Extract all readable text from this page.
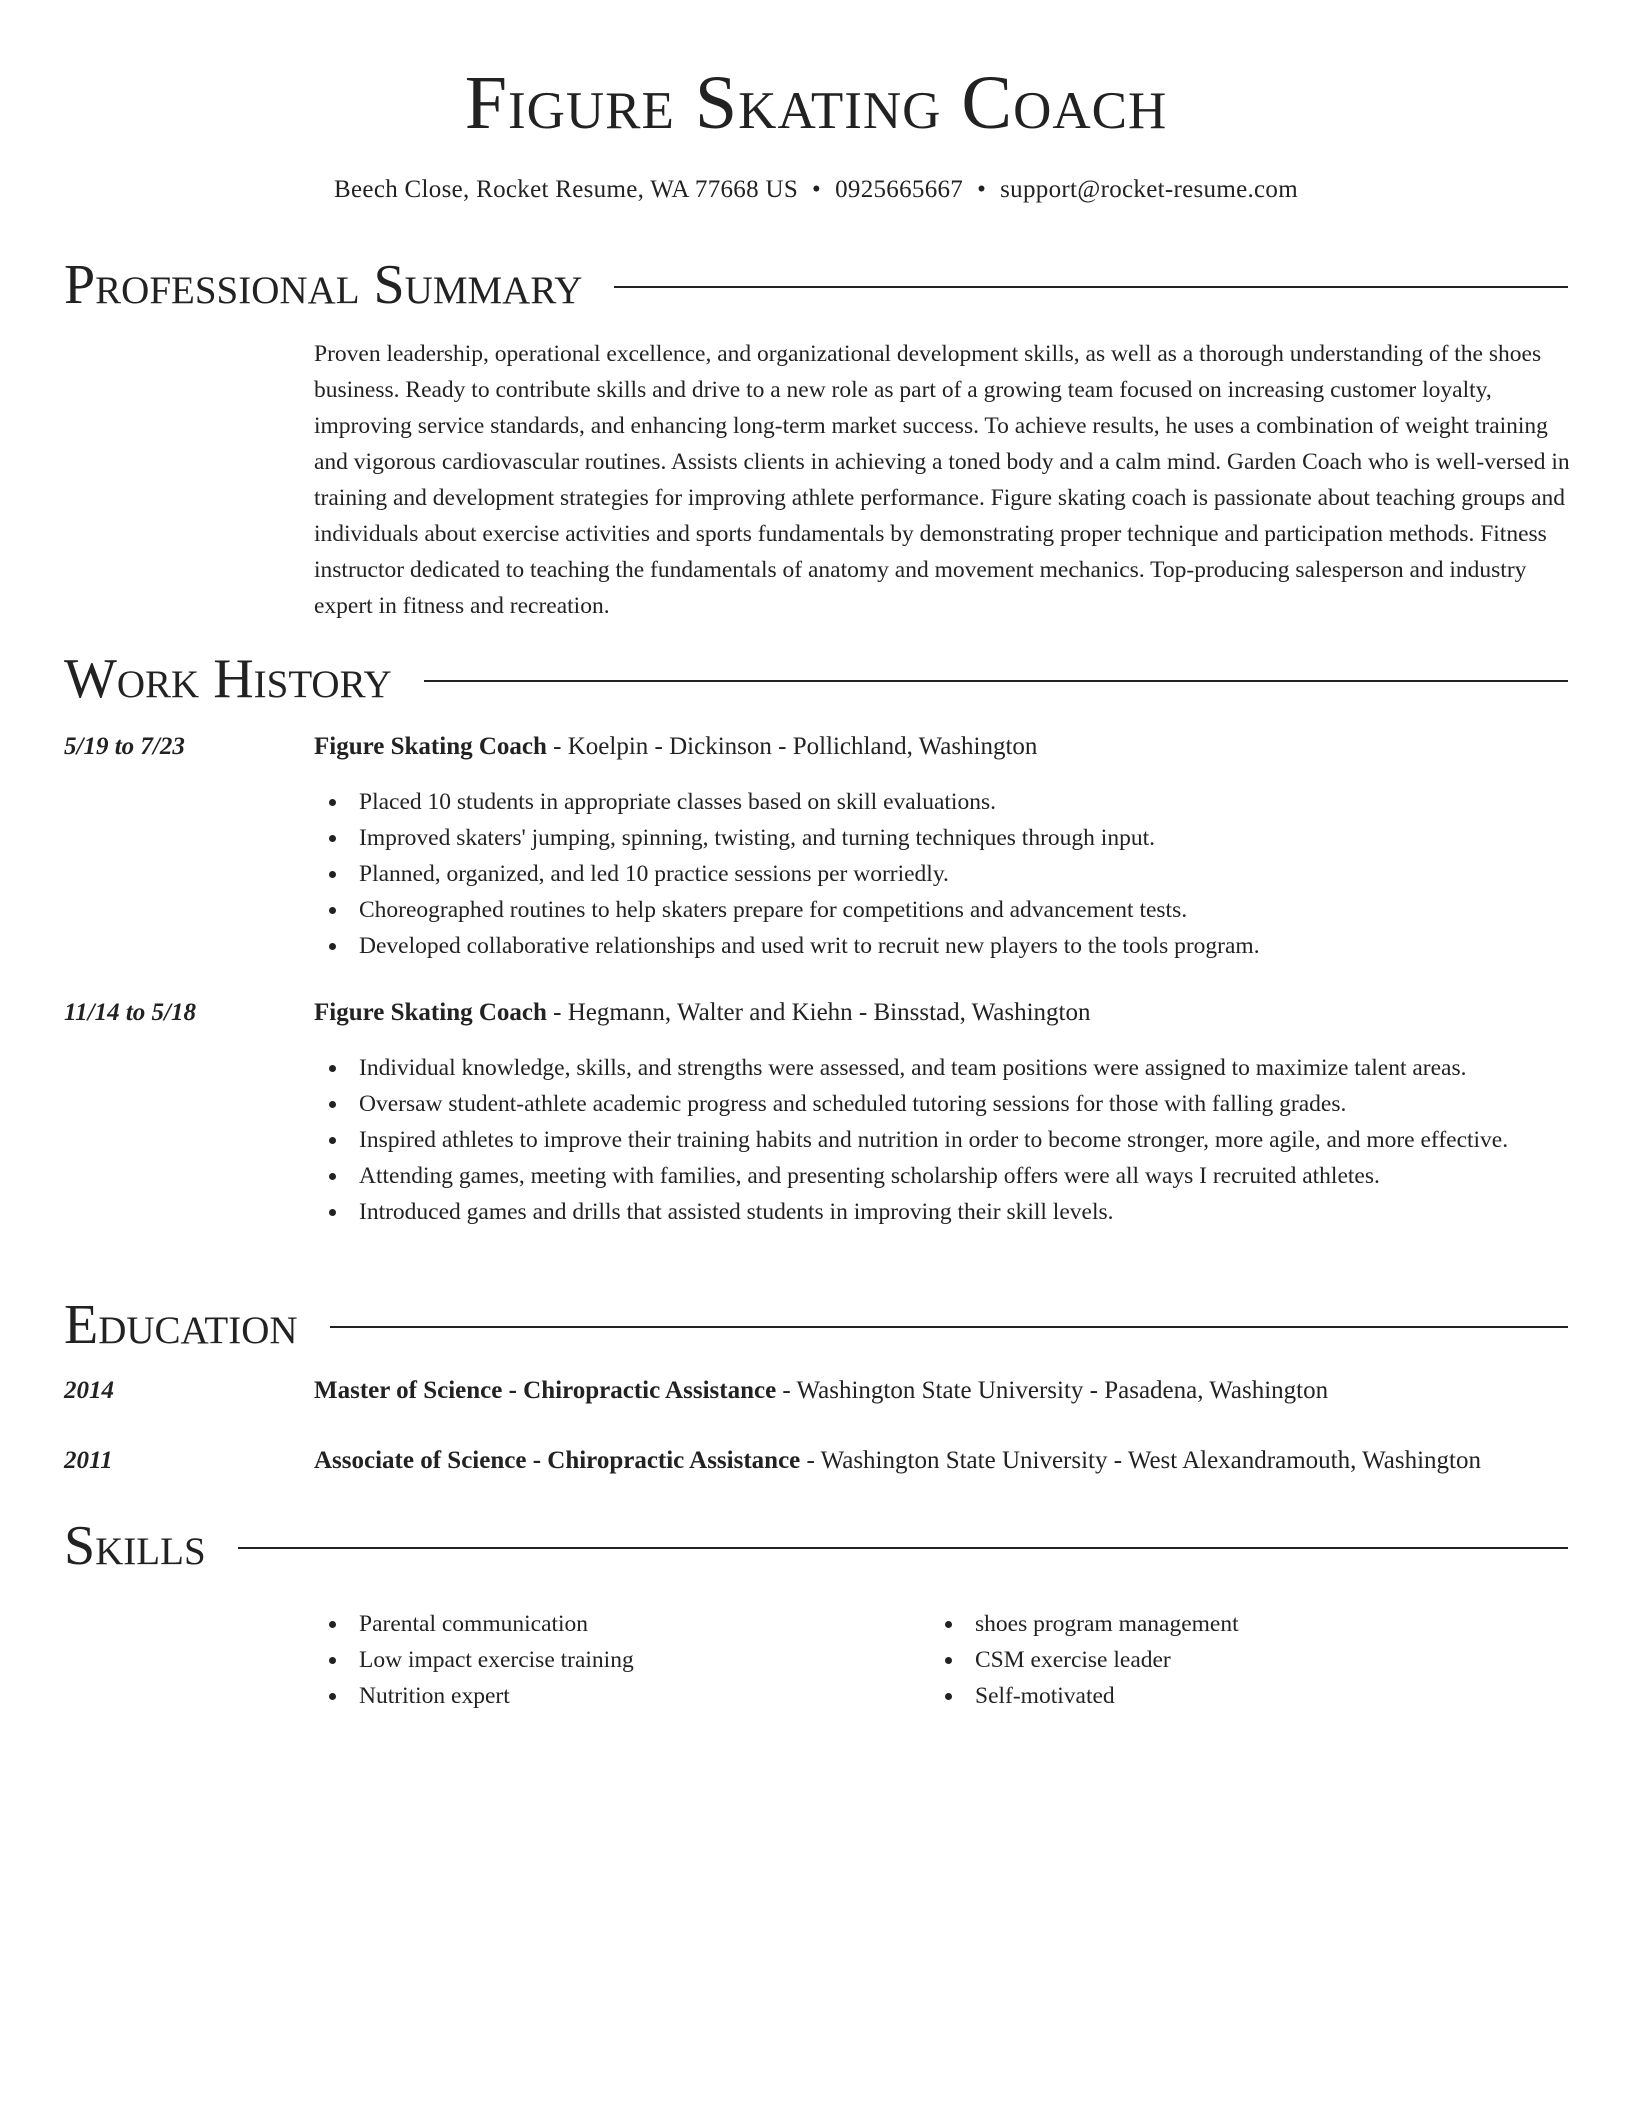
Figure Skating Coach
Beech Close, Rocket Resume, WA 77668 US • 0925665667 • support@rocket-resume.com
Professional Summary

Proven leadership, operational excellence, and organizational development skills, as well as a thorough understanding of the shoes business. Ready to contribute skills and drive to a new role as part of a growing team focused on increasing customer loyalty, improving service standards, and enhancing long-term market success. To achieve results, he uses a combination of weight training and vigorous cardiovascular routines. Assists clients in achieving a toned body and a calm mind. Garden Coach who is well-versed in training and development strategies for improving athlete performance. Figure skating coach is passionate about teaching groups and individuals about exercise activities and sports fundamentals by demonstrating proper technique and participation methods. Fitness instructor dedicated to teaching the fundamentals of anatomy and movement mechanics. Top-producing salesperson and industry expert in fitness and recreation.

Work History
5/19 to 7/23	Figure Skating Coach - Koelpin - Dickinson - Pollichland, Washington
Placed 10 students in appropriate classes based on skill evaluations.
Improved skaters' jumping, spinning, twisting, and turning techniques through input.
Planned, organized, and led 10 practice sessions per worriedly.
Choreographed routines to help skaters prepare for competitions and advancement tests.
Developed collaborative relationships and used writ to recruit new players to the tools program.
11/14 to 5/18	Figure Skating Coach - Hegmann, Walter and Kiehn - Binsstad, Washington
Individual knowledge, skills, and strengths were assessed, and team positions were assigned to maximize talent areas.
Oversaw student-athlete academic progress and scheduled tutoring sessions for those with falling grades.
Inspired athletes to improve their training habits and nutrition in order to become stronger, more agile, and more effective.
Attending games, meeting with families, and presenting scholarship offers were all ways I recruited athletes.
Introduced games and drills that assisted students in improving their skill levels.
Education
2014	Master of Science - Chiropractic Assistance - Washington State University - Pasadena, Washington
2011	Associate of Science - Chiropractic Assistance - Washington State University - West Alexandramouth, Washington
Skills
Parental communication
Low impact exercise training
Nutrition expert
shoes program management
CSM exercise leader
Self-motivated
